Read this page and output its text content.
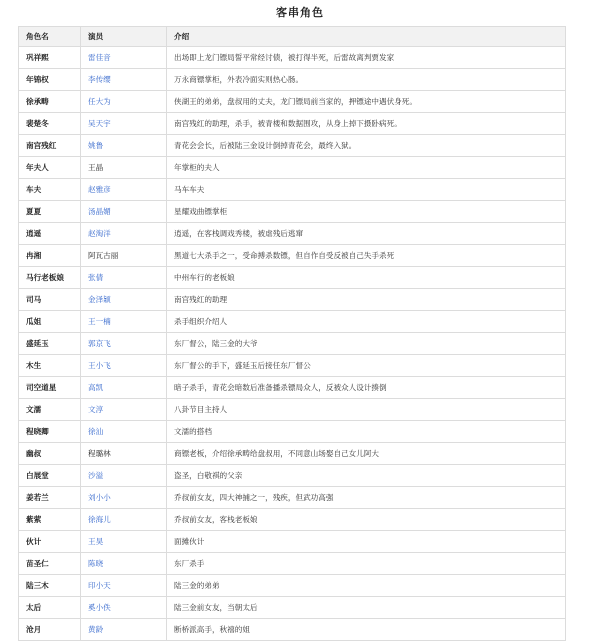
客串角色
角色名	演员	介绍
巩祥熙	雷佳音	出场即上龙门镖局誓平常经讨债，被打得半死，后雷故离判贾发家
年锦权	李传缨	万永商镖掌柜，外表冷面实则热心肠。
徐承畴	任大为	侠湖王的弟弟，盘叔用的丈夫，龙门镖局前当家的，押镖途中遇伏身死。
裴楚冬	吴天宇	南宫残红的助理，杀手，被青楼和数据围攻，从身上掉下摄卧病死。
南宫残红	姚鲁	青花会会长，后被陆三金设计倒掉青花会，最终入狱。
年夫人	王晶	年掌柜的夫人
车夫	赵雅彦	马车车夫
夏夏	汤晶媚	星耀戏曲镖掌柜
逍遥	赵淘洋	逍遥，在客栈调戏秀楼，被虐残后逃窜
冉湘	阿瓦古丽	黑道七大杀手之一，受命搏杀数镖，但自作自受反被自己失手杀死
马行老板娘	张倩	中州车行的老板娘
司马	金泽颖	南宫残红的助理
瓜姐	王一楠	杀手组织介绍人
盛延玉	郭京飞	东厂督公，陆三金的大爷
木生	王小飞	东厂督公的手下，盛延玉后接任东厂督公
司空道星	高凯	暗子杀手，青花会暗数后准备播杀镖局众人，反被众人设计揍倒
文濡	文淳	八卦节目主持人
程晓卿	徐汕	文濡的搭档
幽叔	程璐林	商镖老板，介绍徐承畴给盘叔用，不同意山场娶自己女儿阿大
白展堂	沙溢	盗圣，白敬祺的父亲
姜若兰	刘小小	乔叔前女友，四大神捕之一，残疾，但武功高强
紫萦	徐海儿	乔叔前女友，客栈老板娘
伙计	王昊	面摊伙计
苗圣仁	陈晓	东厂杀手
陆三木	印小天	陆三金的弟弟
太后	奚小佚	陆三金前女友，当朝太后
沧月	黄龄	断桥派高手，秋禧的姐
